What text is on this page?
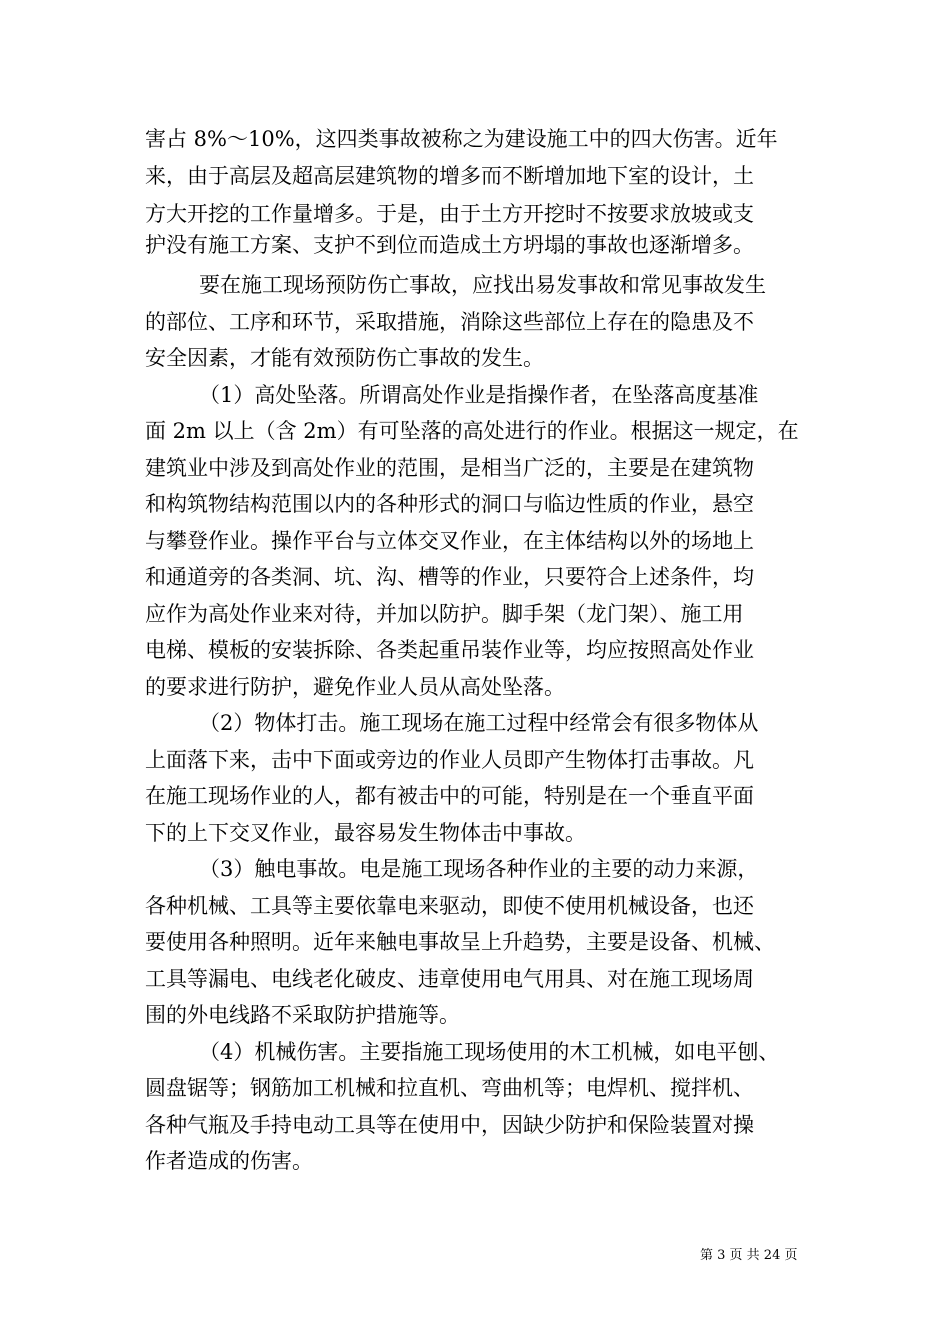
害占 8%～10%，这四类事故被称之为建设施工中的四大伤害。近年
来，由于高层及超高层建筑物的增多而不断增加地下室的设计，土
方大开挖的工作量增多。于是，由于土方开挖时不按要求放坡或支
护没有施工方案、支护不到位而造成土方坍塌的事故也逐渐增多。
要在施工现场预防伤亡事故，应找出易发事故和常见事故发生
的部位、工序和环节，采取措施，消除这些部位上存在的隐患及不
安全因素，才能有效预防伤亡事故的发生。
（1）高处坠落。所谓高处作业是指操作者，在坠落高度基准
面 2m 以上（含 2m）有可坠落的高处进行的作业。根据这一规定，在
建筑业中涉及到高处作业的范围，是相当广泛的，主要是在建筑物
和构筑物结构范围以内的各种形式的洞口与临边性质的作业，悬空
与攀登作业。操作平台与立体交叉作业，在主体结构以外的场地上
和通道旁的各类洞、坑、沟、槽等的作业，只要符合上述条件，均
应作为高处作业来对待，并加以防护。脚手架（龙门架）、施工用
电梯、模板的安装拆除、各类起重吊装作业等，均应按照高处作业
的要求进行防护，避免作业人员从高处坠落。
（2）物体打击。施工现场在施工过程中经常会有很多物体从
上面落下来，击中下面或旁边的作业人员即产生物体打击事故。凡
在施工现场作业的人，都有被击中的可能，特别是在一个垂直平面
下的上下交叉作业，最容易发生物体击中事故。
（3）触电事故。电是施工现场各种作业的主要的动力来源，
各种机械、工具等主要依靠电来驱动，即使不使用机械设备，也还
要使用各种照明。近年来触电事故呈上升趋势，主要是设备、机械、
工具等漏电、电线老化破皮、违章使用电气用具、对在施工现场周
围的外电线路不采取防护措施等。
（4）机械伤害。主要指施工现场使用的木工机械，如电平刨、
圆盘锯等；钢筋加工机械和拉直机、弯曲机等；电焊机、搅拌机、
各种气瓶及手持电动工具等在使用中，因缺少防护和保险装置对操
作者造成的伤害。
第 3 页 共 24 页
